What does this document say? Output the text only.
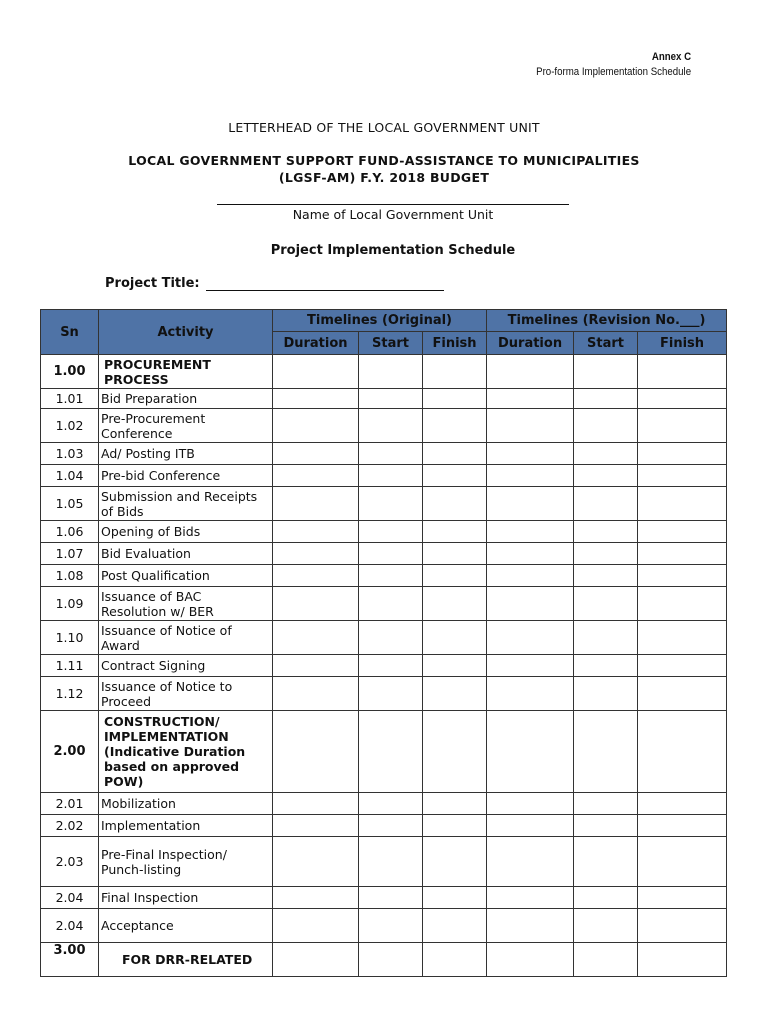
Annex C
Pro-forma Implementation Schedule
LETTERHEAD OF THE LOCAL GOVERNMENT UNIT
LOCAL GOVERNMENT SUPPORT FUND-ASSISTANCE TO MUNICIPALITIES
(LGSF-AM) F.Y. 2018 BUDGET
Name of Local Government Unit
Project Implementation Schedule
Project Title:
Sn	Activity	Timelines (Original)			Timelines (Revision No.___)		
		Duration	Start	Finish	Duration	Start	Finish
1.00	PROCUREMENT PROCESS						
1.01	Bid Preparation						
1.02	Pre-Procurement Conference						
1.03	Ad/ Posting ITB						
1.04	Pre-bid Conference						
1.05	Submission and Receipts of Bids						
1.06	Opening of Bids						
1.07	Bid Evaluation						
1.08	Post Qualification						
1.09	Issuance of BAC Resolution w/ BER						
1.10	Issuance of Notice of Award						
1.11	Contract Signing						
1.12	Issuance of Notice to Proceed						
2.00	CONSTRUCTION/ IMPLEMENTATION (Indicative Duration based on approved POW)						
2.01	Mobilization						
2.02	Implementation						
2.03	Pre-Final Inspection/ Punch-listing						
2.04	Final Inspection						
2.04	Acceptance						
3.00	FOR DRR-RELATED						
